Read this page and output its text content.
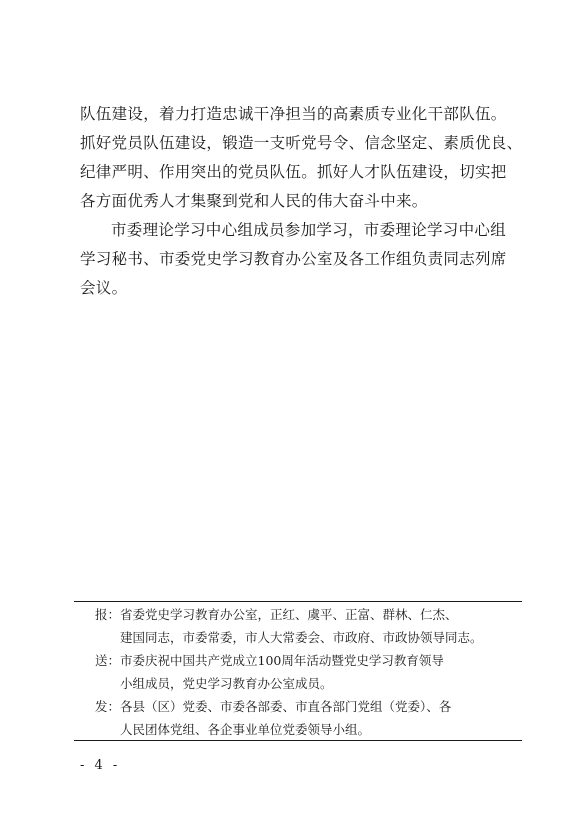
队伍建设，着力打造忠诚干净担当的高素质专业化干部队伍。
抓好党员队伍建设，锻造一支听党号令、信念坚定、素质优良、
纪律严明、作用突出的党员队伍。抓好人才队伍建设，切实把
各方面优秀人才集聚到党和人民的伟大奋斗中来。
市委理论学习中心组成员参加学习，市委理论学习中心组
学习秘书、市委党史学习教育办公室及各工作组负责同志列席
会议。
报：省委党史学习教育办公室，正红、虞平、正富、群林、仁杰、
建国同志，市委常委，市人大常委会、市政府、市政协领导同志。
送：市委庆祝中国共产党成立100周年活动暨党史学习教育领导
小组成员，党史学习教育办公室成员。
发：各县（区）党委、市委各部委、市直各部门党组（党委）、各
人民团体党组、各企事业单位党委领导小组。
- 4 -
